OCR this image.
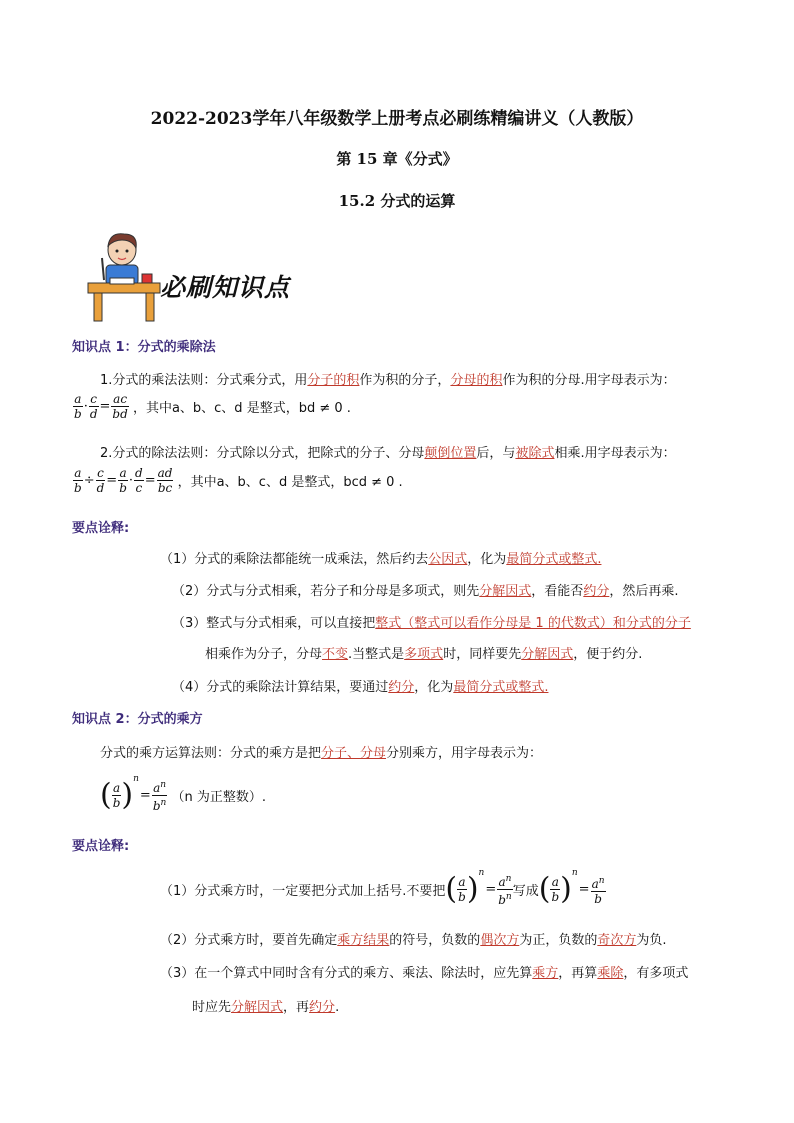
2022-2023学年八年级数学上册考点必刷练精编讲义（人教版）
第 15 章《分式》
15.2 分式的运算
必刷知识点
知识点 1：分式的乘除法
1.分式的乘法法则：分式乘分式，用分子的积作为积的分子，分母的积作为积的分母.用字母表示为：
$\frac{a}{b} \cdot \frac{c}{d} = \frac{ac}{bd}$ ，其中a、b、c、d 是整式，bd ≠ 0 .
2.分式的除法法则：分式除以分式，把除式的分子、分母颠倒位置后，与被除式相乘.用字母表示为：
$\frac{a}{b} \div \frac{c}{d} = \frac{a}{b} \cdot \frac{d}{c} = \frac{ad}{bc}$ ，其中a、b、c、d 是整式，bcd ≠ 0 .
要点诠释:
（1）分式的乘除法都能统一成乘法，然后约去公因式，化为最简分式或整式.
（2）分式与分式相乘，若分子和分母是多项式，则先分解因式，看能否约分，然后再乘.
（3）整式与分式相乘，可以直接把整式（整式可以看作分母是 1 的代数式）和分式的分子
相乘作为分子，分母不变.当整式是多项式时，同样要先分解因式，便于约分.
（4）分式的乘除法计算结果，要通过约分，化为最简分式或整式.
知识点 2：分式的乘方
分式的乘方运算法则：分式的乘方是把分子、分母分别乘方，用字母表示为：
( $\frac{a}{b} )^n= \frac{a^n}{b^n} (n$ 为正整数）.
要点诠释:
（1）分式乘方时，一定要把分式加上括号.不要把( $\frac{a}{b} )^n= \frac{a^n}{b^n}$ 写成( $\frac{a}{b} )^n= \frac{a^n}{b}$
（2）分式乘方时，要首先确定乘方结果的符号，负数的偶次方为正，负数的奇次方为负.
（3）在一个算式中同时含有分式的乘方、乘法、除法时，应先算乘方，再算乘除，有多项式
时应先分解因式，再约分.
